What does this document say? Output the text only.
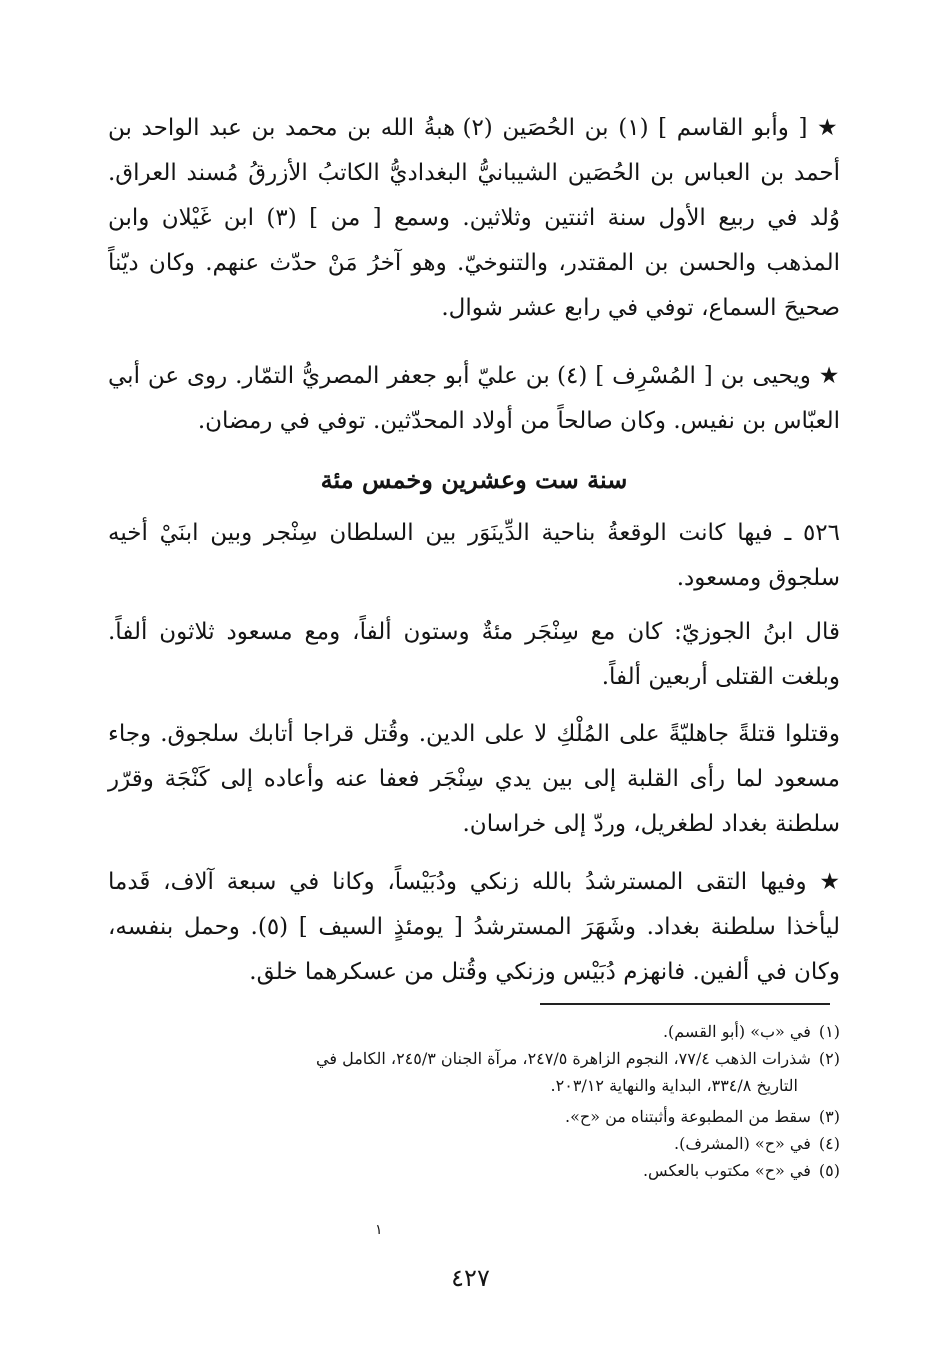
★ [ وأبو القاسم ] (١) بن الحُصَين (٢) هبةُ الله بن محمد بن عبد الواحد بن أحمد بن العباس بن الحُصَين الشيبانيُّ البغداديُّ الكاتبُ الأزرقُ مُسند العراق. وُلد في ربيع الأول سنة اثنتين وثلاثين. وسمع [ من ] (٣) ابن غَيْلان وابن المذهب والحسن بن المقتدر، والتنوخيّ. وهو آخرُ مَنْ حدّث عنهم. وكان ديّناً صحيحَ السماع، توفي في رابع عشر شوال.

★ ويحيى بن [ المُسْرِف ] (٤) بن عليّ أبو جعفر المصريُّ التمّار. روى عن أبي العبّاس بن نفيس. وكان صالحاً من أولاد المحدّثين. توفي في رمضان.

سنة ست وعشرين وخمس مئة

٥٢٦ ـ فيها كانت الوقعةُ بناحية الدِّينَوَر بين السلطان سِنْجر وبين ابنَيْ أخيه سلجوق ومسعود.

قال ابنُ الجوزيّ: كان مع سِنْجَر مئةٌ وستون ألفاً، ومع مسعود ثلاثون ألفاً. وبلغت القتلى أربعين ألفاً.

وقتلوا قتلةً جاهليّةً على المُلْكِ لا على الدين. وقُتل قراجا أتابك سلجوق. وجاء مسعود لما رأى القلبة إلى بين يدي سِنْجَر فعفا عنه وأعاده إلى كَنْجَة وقرّر سلطنة بغداد لطغريل، وردّ إلى خراسان.

★ وفيها التقى المسترشدُ بالله زنكي ودُبَيْساً، وكانا في سبعة آلاف، قَدما ليأخذا سلطنة بغداد. وشَهَرَ المسترشدُ [ يومئذٍ السيف ] (٥). وحمل بنفسه، وكان في ألفين. فانهزم دُبَيْس وزنكي وقُتل من عسكرهما خلق.

(١)في «ب» (أبو القسم).

(٢)شذرات الذهب ٧٧/٤، النجوم الزاهرة ٢٤٧/٥، مرآة الجنان ٢٤٥/٣، الكامل في

التاريخ ٣٣٤/٨، البداية والنهاية ٢٠٣/١٢.

(٣)سقط من المطبوعة وأثبتناه من «ح».

(٤)في «ح» (المشرف).

(٥)في «ح» مكتوب بالعكس.

١
٤٢٧
